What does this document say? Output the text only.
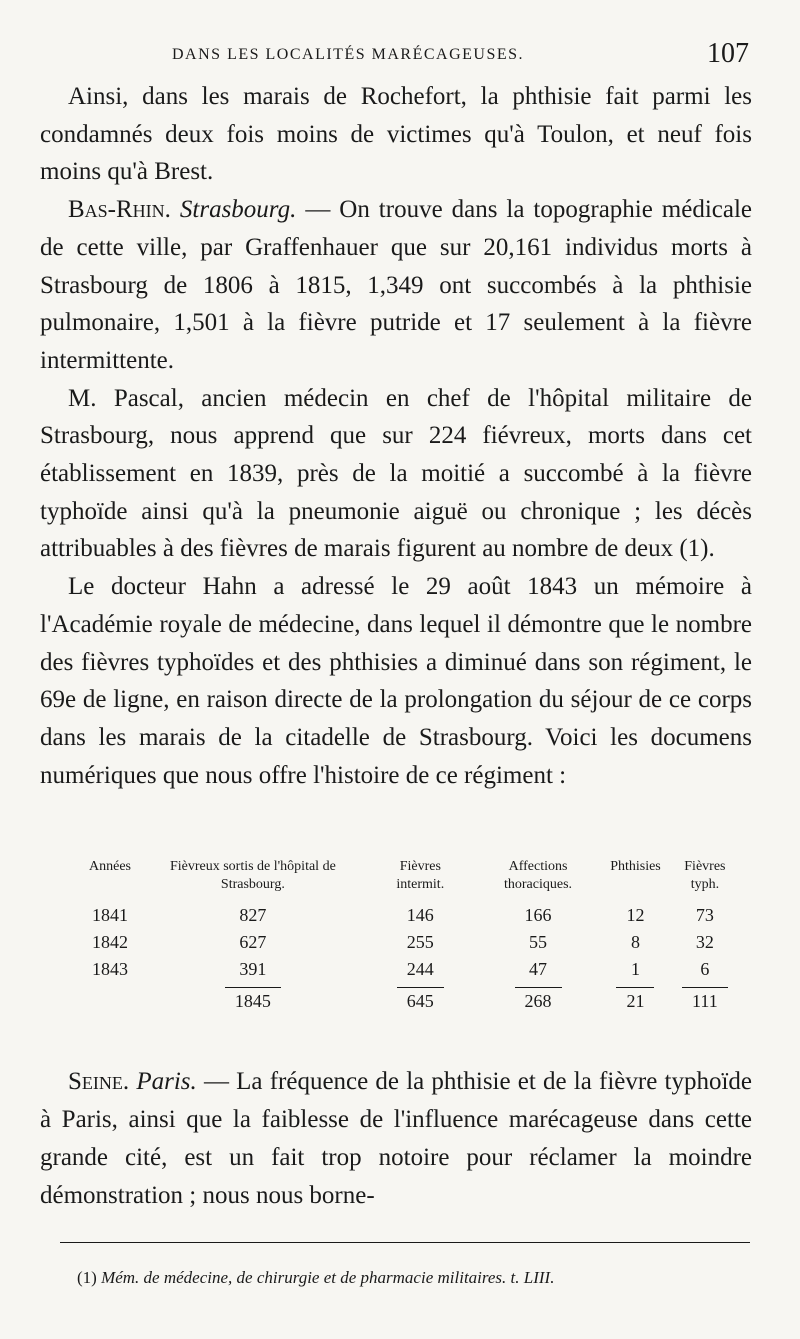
DANS LES LOCALITÉS MARÉCAGEUSES.	107

Ainsi, dans les marais de Rochefort, la phthisie fait parmi les condamnés deux fois moins de victimes qu'à Toulon, et neuf fois moins qu'à Brest.

Bas-Rhin. Strasbourg. — On trouve dans la topographie médicale de cette ville, par Graffenhauer que sur 20,161 individus morts à Strasbourg de 1806 à 1815, 1,349 ont succombés à la phthisie pulmonaire, 1,501 à la fièvre putride et 17 seulement à la fièvre intermittente.

M. Pascal, ancien médecin en chef de l'hôpital militaire de Strasbourg, nous apprend que sur 224 fiévreux, morts dans cet établissement en 1839, près de la moitié a succombé à la fièvre typhoïde ainsi qu'à la pneumonie aiguë ou chronique ; les décès attribuables à des fièvres de marais figurent au nombre de deux (1).

Le docteur Hahn a adressé le 29 août 1843 un mémoire à l'Académie royale de médecine, dans lequel il démontre que le nombre des fièvres typhoïdes et des phthisies a diminué dans son régiment, le 69e de ligne, en raison directe de la prolongation du séjour de ce corps dans les marais de la citadelle de Strasbourg. Voici les documens numériques que nous offre l'histoire de ce régiment :

Années	Fièvreux sortis de l'hôpital de Strasbourg.	Fièvres intermit.	Affections thoraciques.	Phthisies	Fièvres typh.
1841	827	146	166	12	73
1842	627	255	55	8	32
1843	391	244	47	1	6
	1845	645	268	21	111

Seine. Paris. — La fréquence de la phthisie et de la fièvre typhoïde à Paris, ainsi que la faiblesse de l'influence marécageuse dans cette grande cité, est un fait trop notoire pour réclamer la moindre démonstration ; nous nous borne-

(1) Mém. de médecine, de chirurgie et de pharmacie militaires. t. LIII.
